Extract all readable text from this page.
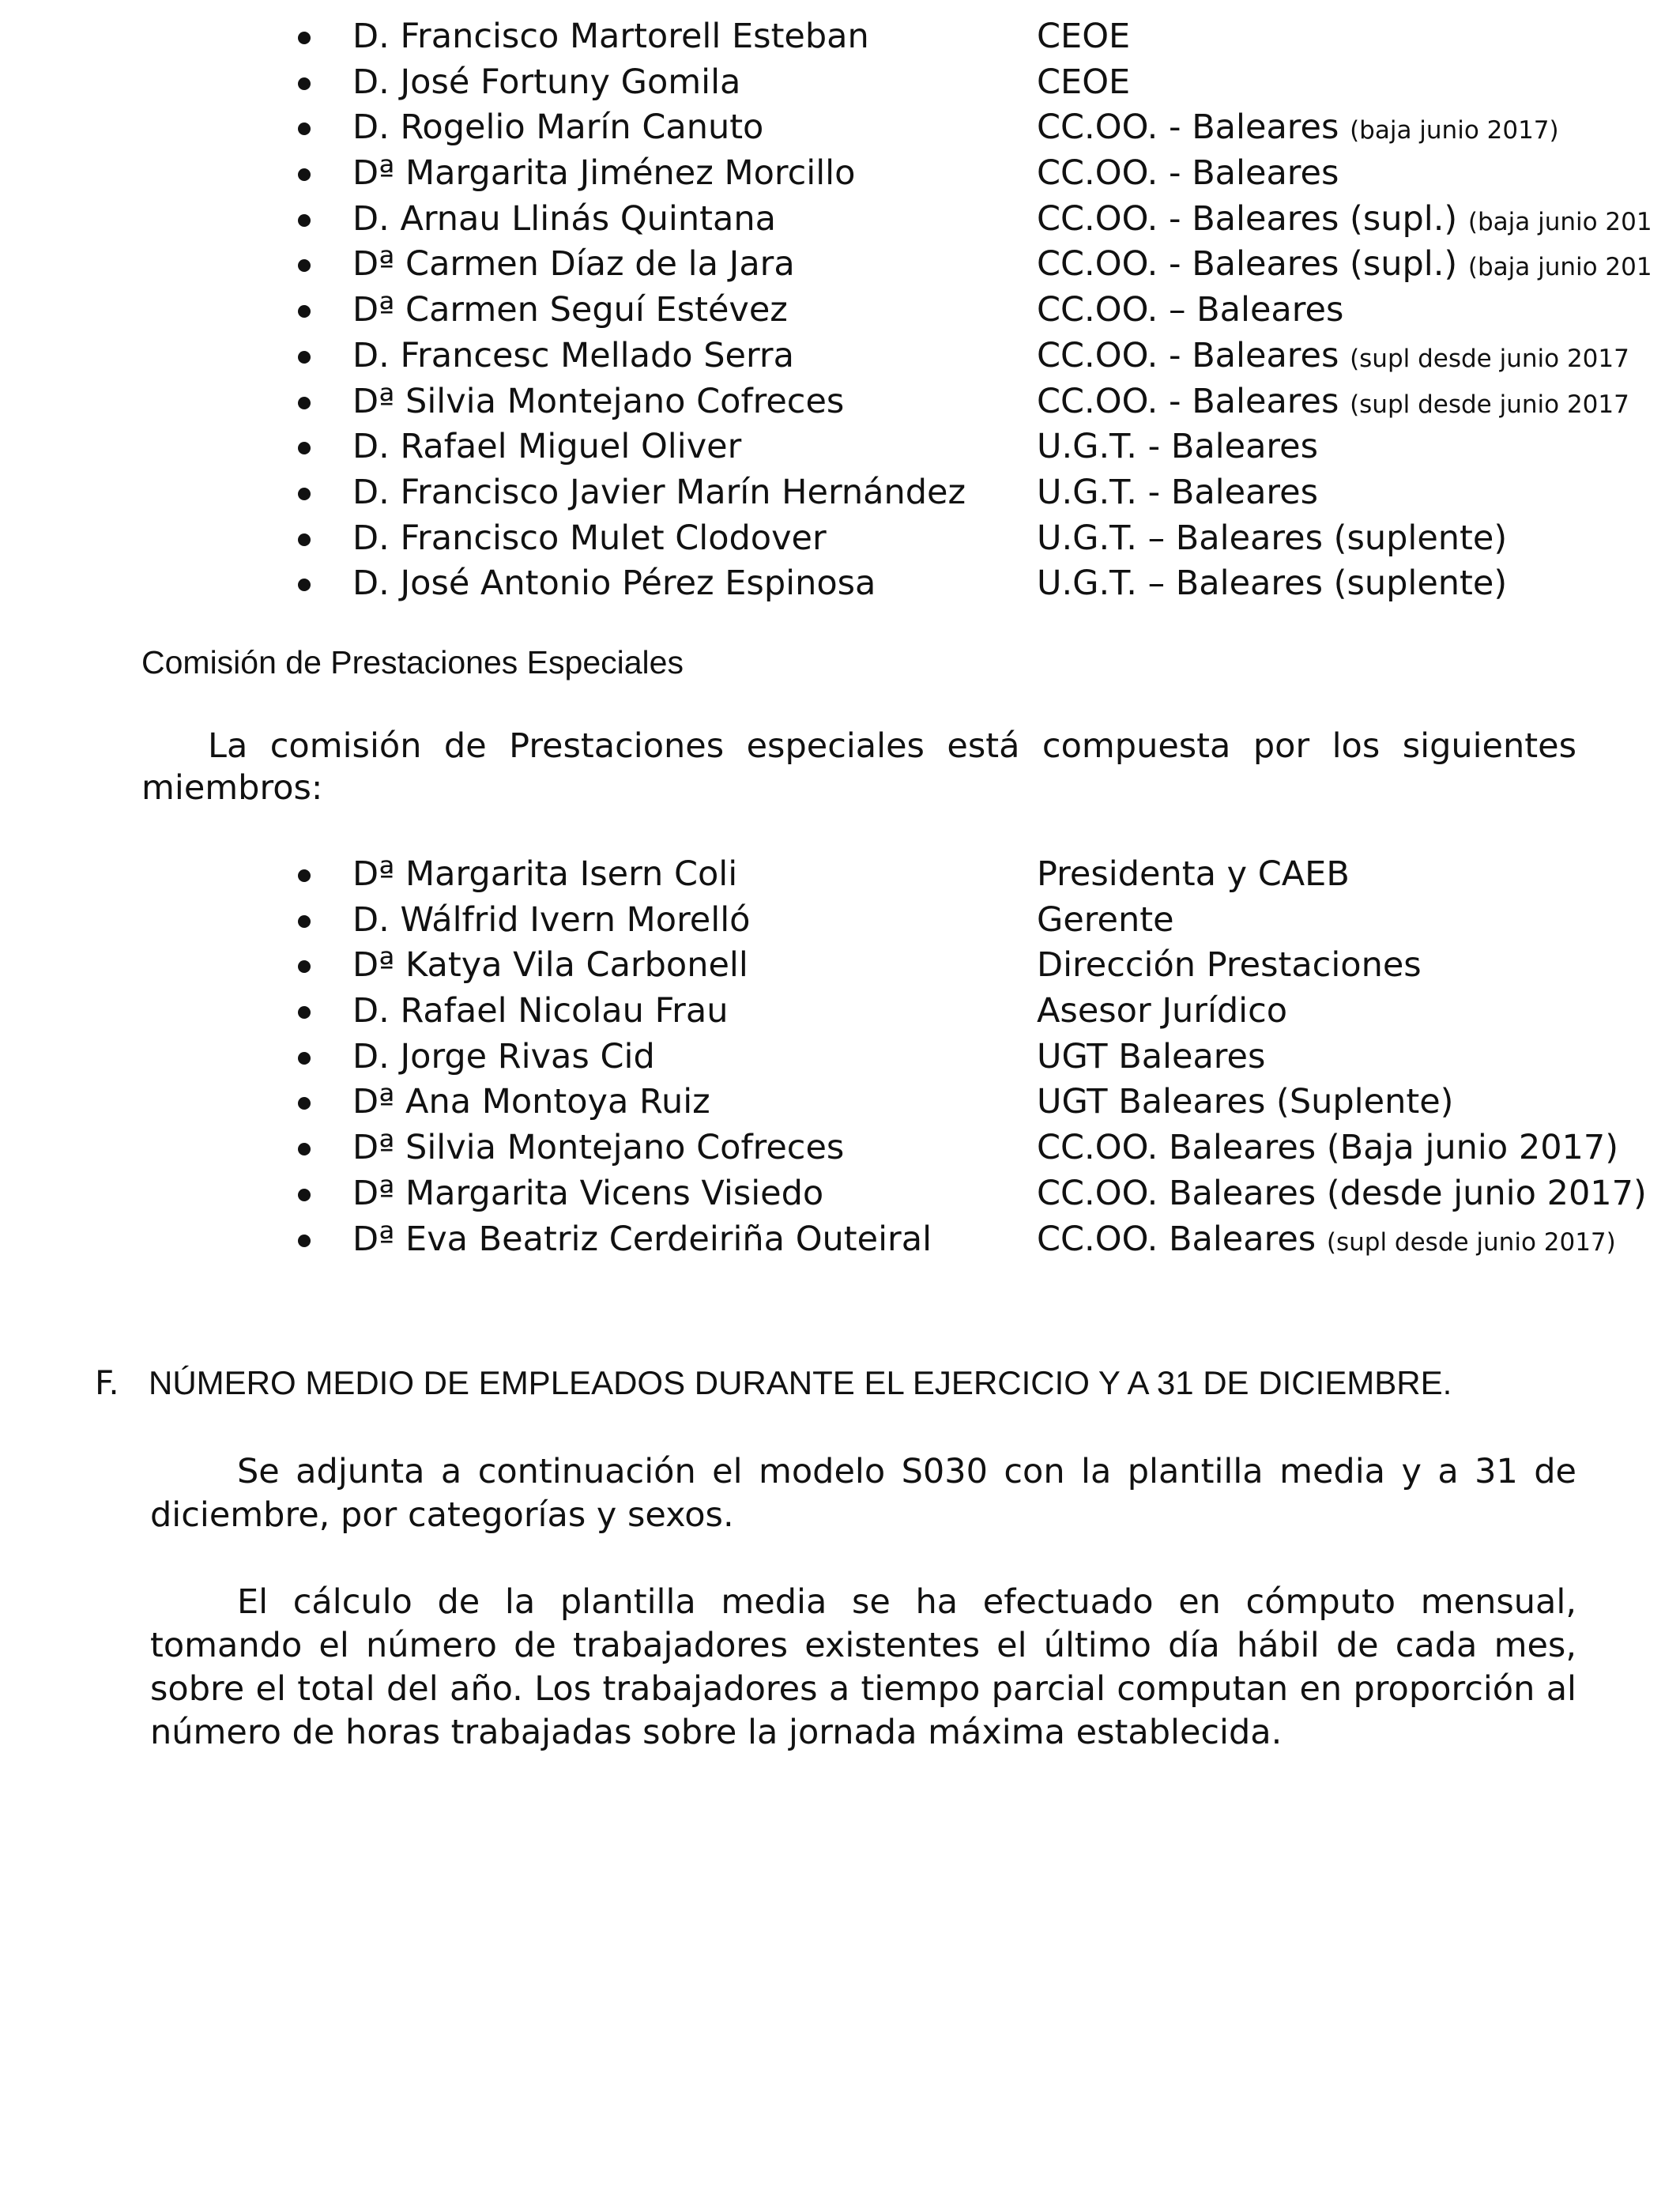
D. Francisco Martorell Esteban	CEOE
D. José Fortuny Gomila	CEOE
D. Rogelio Marín Canuto	CC.OO. - Baleares (baja junio 2017)
Dª Margarita Jiménez Morcillo	CC.OO. - Baleares
D. Arnau Llinás Quintana	CC.OO. - Baleares (supl.) (baja junio 201
Dª Carmen Díaz de la Jara	CC.OO. - Baleares (supl.) (baja junio 201
Dª Carmen Seguí Estévez	CC.OO. – Baleares
D. Francesc Mellado Serra	CC.OO. - Baleares (supl desde junio 2017
Dª Silvia Montejano Cofreces	CC.OO. - Baleares (supl desde junio 2017
D. Rafael Miguel Oliver	U.G.T. - Baleares
D. Francisco Javier Marín Hernández U.G.T. - Baleares
D. Francisco Mulet Clodover	U.G.T. – Baleares (suplente)
D. José Antonio Pérez Espinosa	U.G.T. – Baleares (suplente)
Comisión de Prestaciones Especiales

La comisión de Prestaciones especiales está compuesta por los siguientes miembros:

Dª Margarita Isern Coli	Presidenta y CAEB
D. Wálfrid Ivern Morelló	Gerente
Dª Katya Vila Carbonell	Dirección Prestaciones
D. Rafael Nicolau Frau	Asesor Jurídico
D. Jorge Rivas Cid	UGT Baleares
Dª Ana Montoya Ruiz	UGT Baleares (Suplente)
Dª Silvia Montejano Cofreces	CC.OO. Baleares (Baja junio 2017)
Dª Margarita Vicens Visiedo	CC.OO. Baleares (desde junio 2017)
Dª Eva Beatriz Cerdeiriña Outeiral	CC.OO. Baleares (supl desde junio 2017)
F. NÚMERO MEDIO DE EMPLEADOS DURANTE EL EJERCICIO Y A 31 DE DICIEMBRE.

Se adjunta a continuación el modelo S030 con la plantilla media y a 31 de diciembre, por categorías y sexos.

El cálculo de la plantilla media se ha efectuado en cómputo mensual, tomando el número de trabajadores existentes el último día hábil de cada mes, sobre el total del año. Los trabajadores a tiempo parcial computan en proporción al número de horas trabajadas sobre la jornada máxima establecida.
